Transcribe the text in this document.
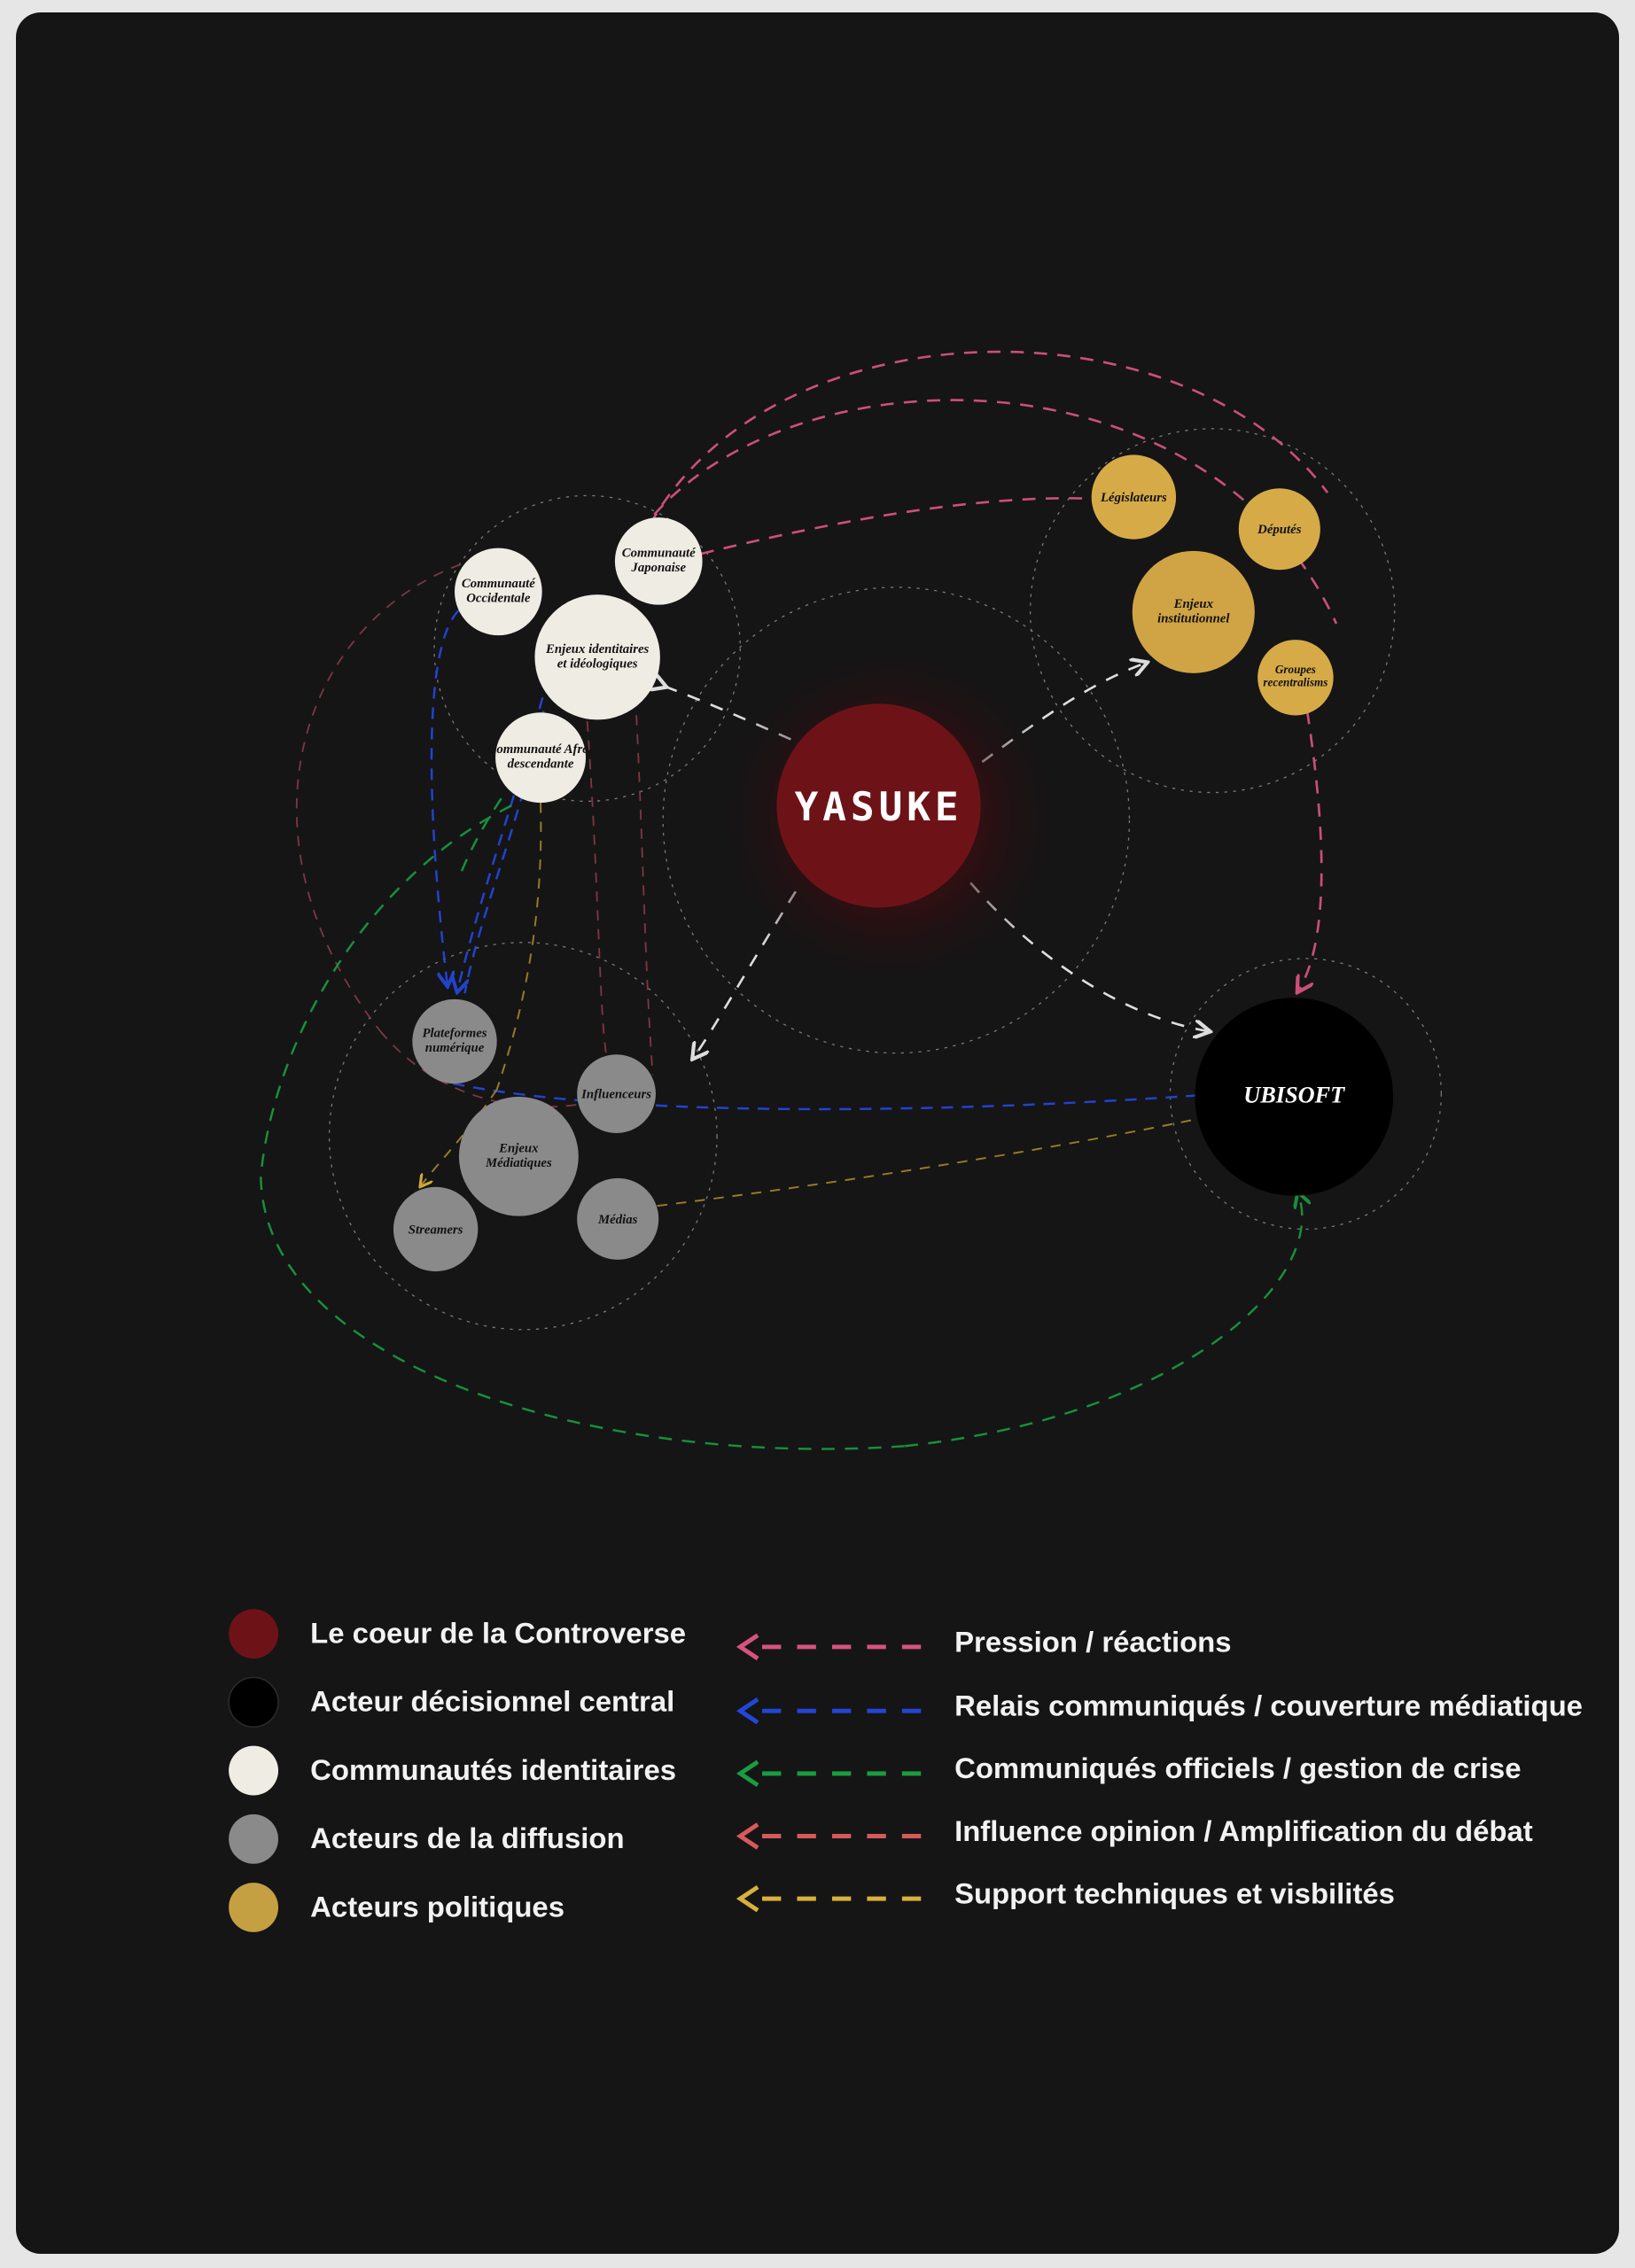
YASUKE
UBISOFT
Communauté
Occidentale
Communauté
Japonaise
Enjeux identitaires
et idéologiques
Communauté Afro-
descendante
Législateurs
Députés
Enjeux
institutionnel
Groupes
recentralisms
Plateformes
numérique
Influenceurs
Enjeux
Médiatiques
Streamers
Médias
Le coeur de la Controverse
Acteur décisionnel central
Communautés identitaires
Acteurs de la diffusion
Acteurs politiques
Pression / réactions
Relais communiqués / couverture médiatique
Communiqués officiels / gestion de crise
Influence opinion / Amplification du débat
Support techniques et visbilités
